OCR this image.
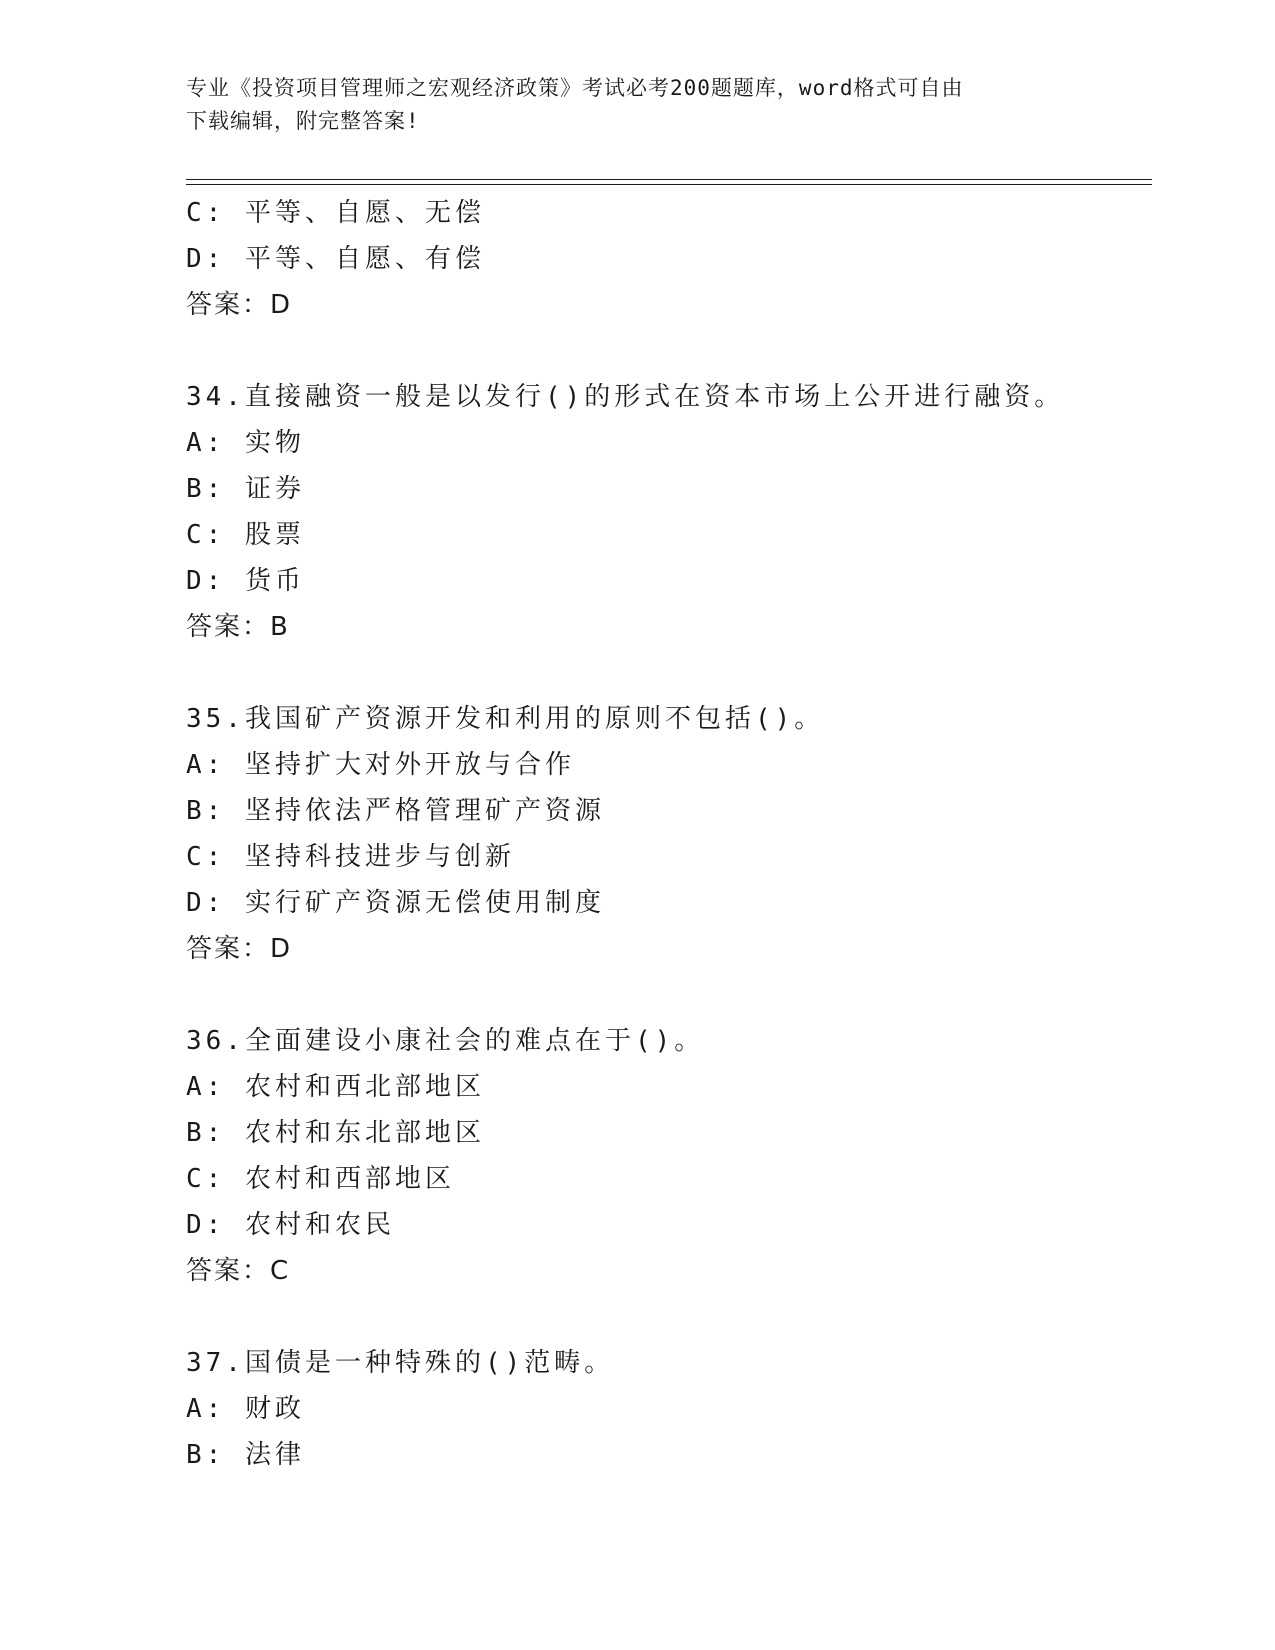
专业《投资项目管理师之宏观经济政策》考试必考200题题库，word格式可自由
下载编辑，附完整答案!
C: 平等、自愿、无偿
D: 平等、自愿、有偿
答案：D
34.直接融资一般是以发行()的形式在资本市场上公开进行融资。
A: 实物
B: 证券
C: 股票
D: 货币
答案：B
35.我国矿产资源开发和利用的原则不包括()。
A: 坚持扩大对外开放与合作
B: 坚持依法严格管理矿产资源
C: 坚持科技进步与创新
D: 实行矿产资源无偿使用制度
答案：D
36.全面建设小康社会的难点在于()。
A: 农村和西北部地区
B: 农村和东北部地区
C: 农村和西部地区
D: 农村和农民
答案：C
37.国债是一种特殊的()范畴。
A: 财政
B: 法律
